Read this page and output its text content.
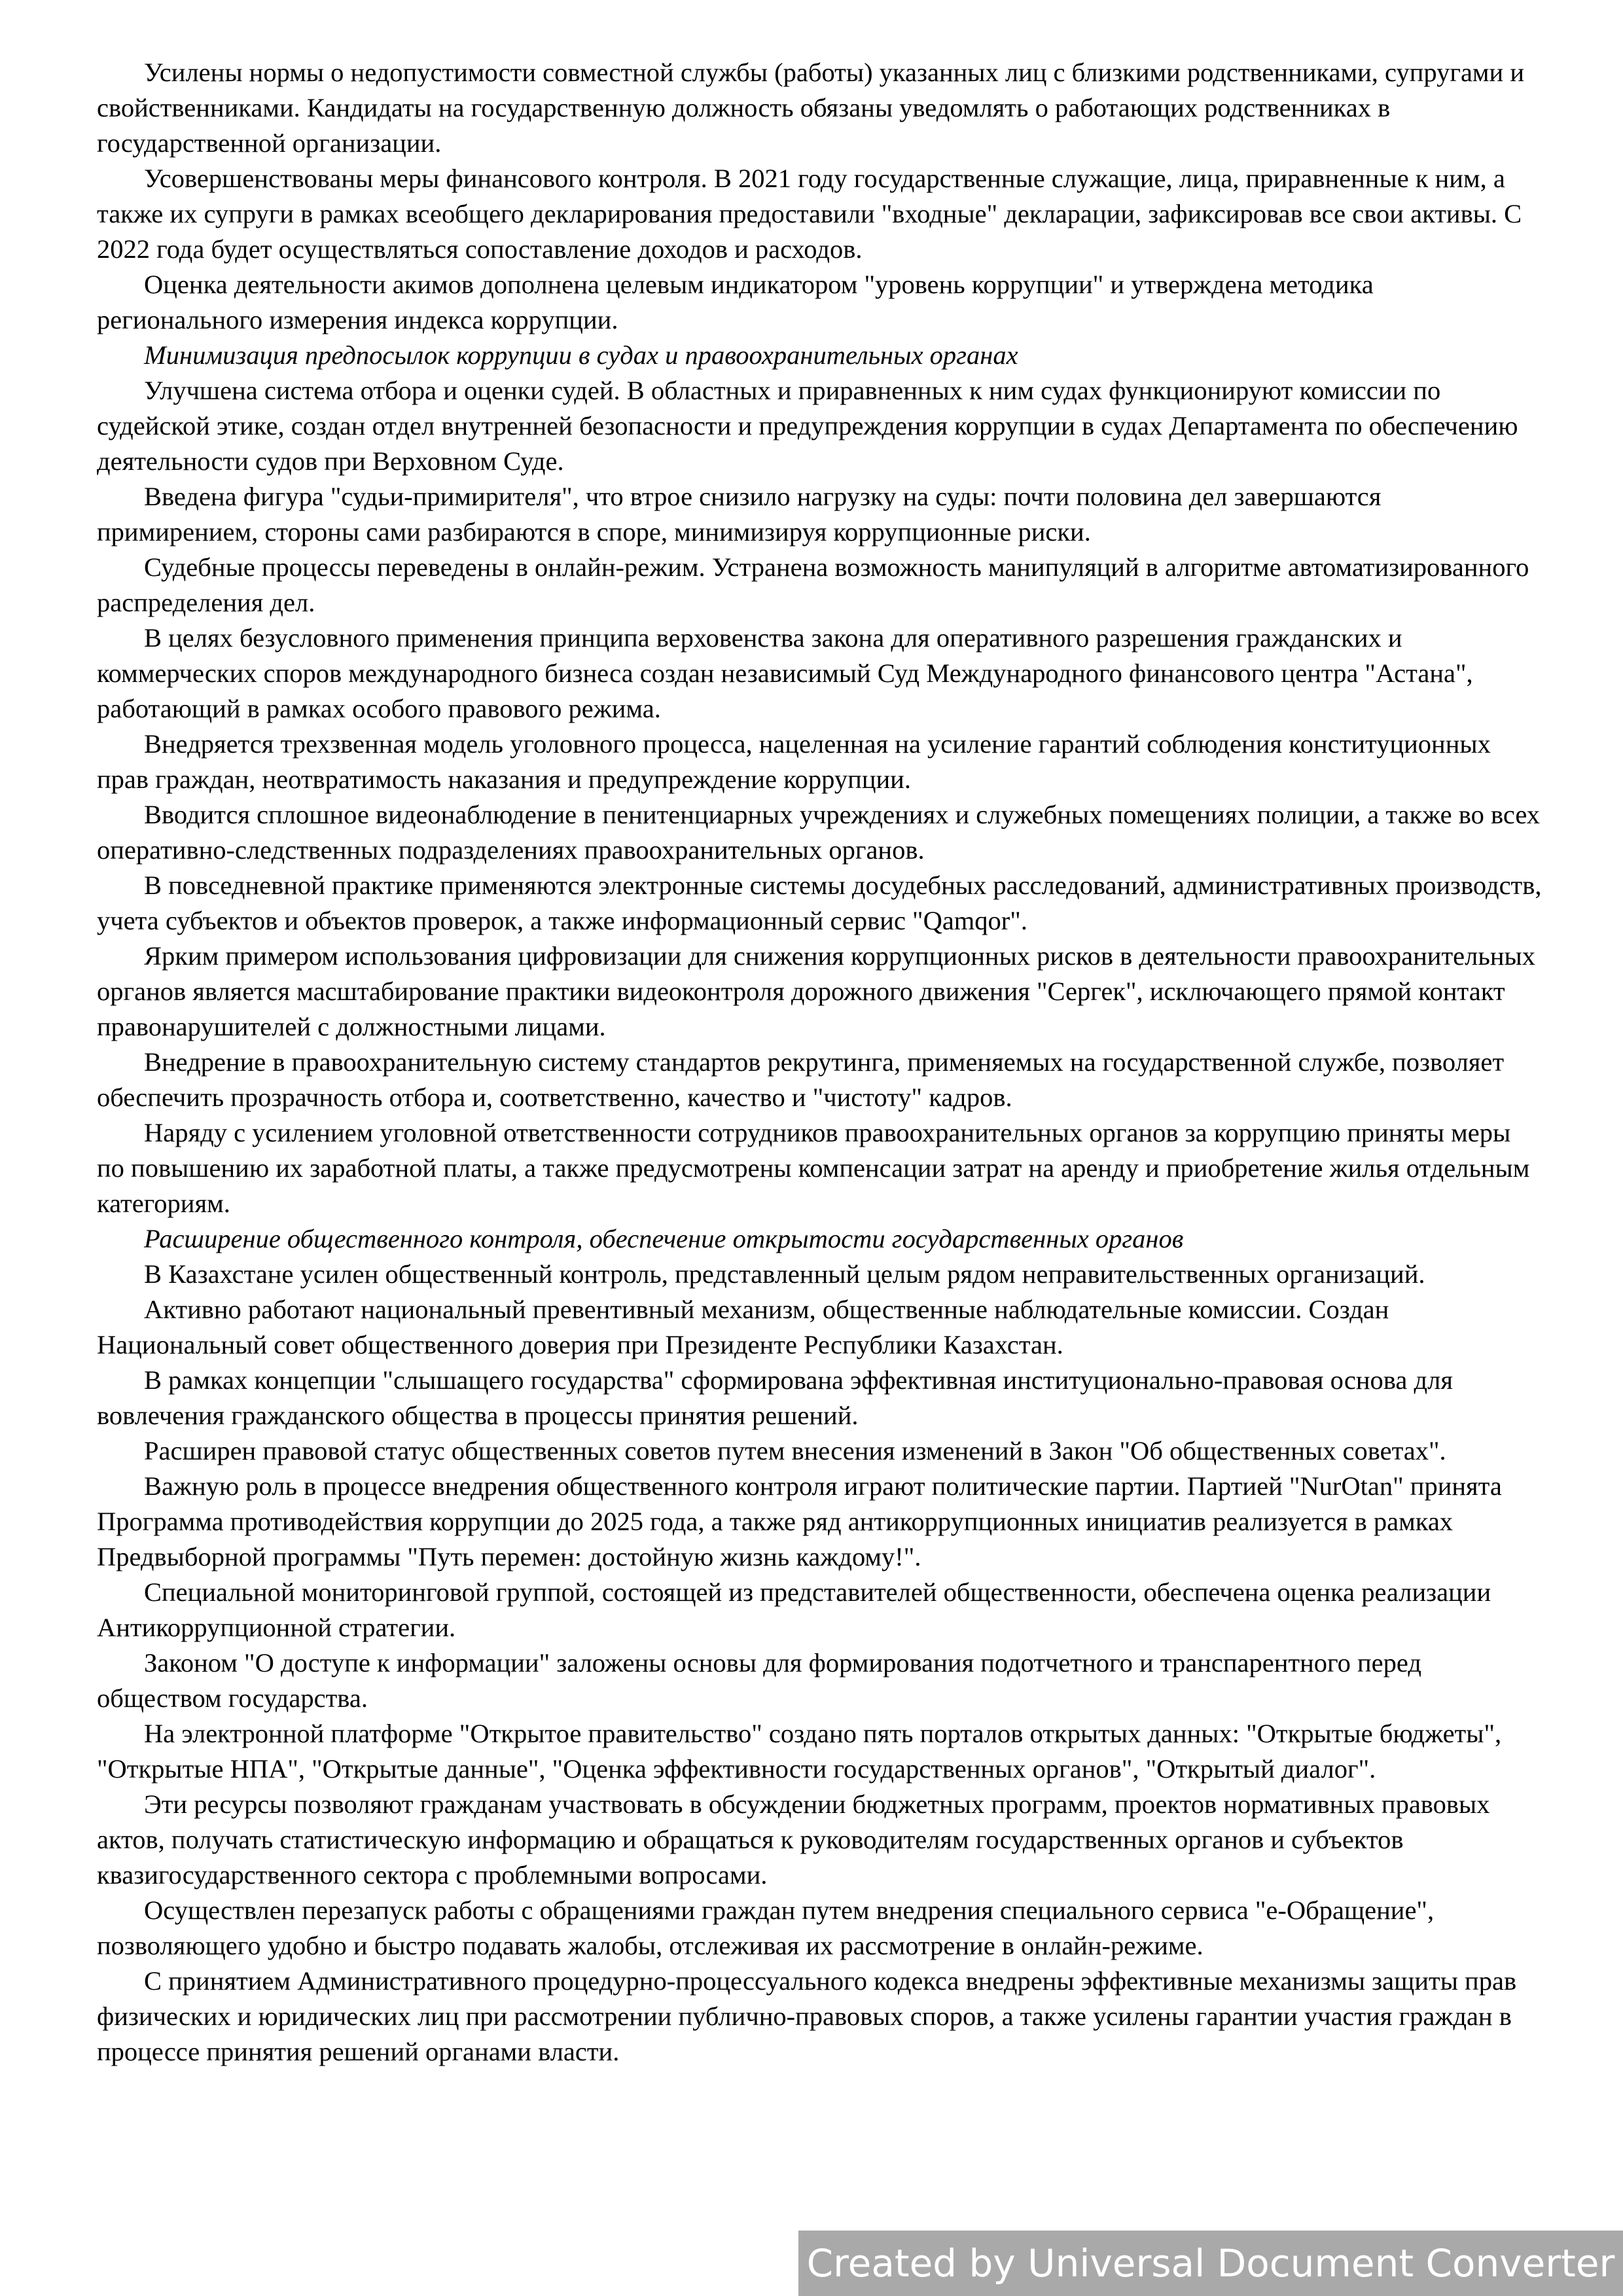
Усилены нормы о недопустимости совместной службы (работы) указанных лиц с близкими родственниками, супругами и свойственниками. Кандидаты на государственную должность обязаны уведомлять о работающих родственниках в государственной организации.

Усовершенствованы меры финансового контроля. В 2021 году государственные служащие, лица, приравненные к ним, а также их супруги в рамках всеобщего декларирования предоставили "входные" декларации, зафиксировав все свои активы. С 2022 года будет осуществляться сопоставление доходов и расходов.

Оценка деятельности акимов дополнена целевым индикатором "уровень коррупции" и утверждена методика регионального измерения индекса коррупции.

Минимизация предпосылок коррупции в судах и правоохранительных органах

Улучшена система отбора и оценки судей. В областных и приравненных к ним судах функционируют комиссии по судейской этике, создан отдел внутренней безопасности и предупреждения коррупции в судах Департамента по обеспечению деятельности судов при Верховном Суде.

Введена фигура "судьи-примирителя", что втрое снизило нагрузку на суды: почти половина дел завершаются примирением, стороны сами разбираются в споре, минимизируя коррупционные риски.

Судебные процессы переведены в онлайн-режим. Устранена возможность манипуляций в алгоритме автоматизированного распределения дел.

В целях безусловного применения принципа верховенства закона для оперативного разрешения гражданских и коммерческих споров международного бизнеса создан независимый Суд Международного финансового центра "Астана", работающий в рамках особого правового режима.

Внедряется трехзвенная модель уголовного процесса, нацеленная на усиление гарантий соблюдения конституционных прав граждан, неотвратимость наказания и предупреждение коррупции.

Вводится сплошное видеонаблюдение в пенитенциарных учреждениях и служебных помещениях полиции, а также во всех оперативно-следственных подразделениях правоохранительных органов.

В повседневной практике применяются электронные системы досудебных расследований, административных производств, учета субъектов и объектов проверок, а также информационный сервис "Qamqor".

Ярким примером использования цифровизации для снижения коррупционных рисков в деятельности правоохранительных органов является масштабирование практики видеоконтроля дорожного движения "Сергек", исключающего прямой контакт правонарушителей с должностными лицами.

Внедрение в правоохранительную систему стандартов рекрутинга, применяемых на государственной службе, позволяет обеспечить прозрачность отбора и, соответственно, качество и "чистоту" кадров.

Наряду с усилением уголовной ответственности сотрудников правоохранительных органов за коррупцию приняты меры по повышению их заработной платы, а также предусмотрены компенсации затрат на аренду и приобретение жилья отдельным категориям.

Расширение общественного контроля, обеспечение открытости государственных органов

В Казахстане усилен общественный контроль, представленный целым рядом неправительственных организаций.

Активно работают национальный превентивный механизм, общественные наблюдательные комиссии. Создан Национальный совет общественного доверия при Президенте Республики Казахстан.

В рамках концепции "слышащего государства" сформирована эффективная институционально-правовая основа для вовлечения гражданского общества в процессы принятия решений.

Расширен правовой статус общественных советов путем внесения изменений в Закон "Об общественных советах".

Важную роль в процессе внедрения общественного контроля играют политические партии. Партией "NurOtan" принята Программа противодействия коррупции до 2025 года, а также ряд антикоррупционных инициатив реализуется в рамках Предвыборной программы "Путь перемен: достойную жизнь каждому!".

Специальной мониторинговой группой, состоящей из представителей общественности, обеспечена оценка реализации Антикоррупционной стратегии.

Законом "О доступе к информации" заложены основы для формирования подотчетного и транспарентного перед обществом государства.

На электронной платформе "Открытое правительство" создано пять порталов открытых данных: "Открытые бюджеты", "Открытые НПА", "Открытые данные", "Оценка эффективности государственных органов", "Открытый диалог".

Эти ресурсы позволяют гражданам участвовать в обсуждении бюджетных программ, проектов нормативных правовых актов, получать статистическую информацию и обращаться к руководителям государственных органов и субъектов квазигосударственного сектора с проблемными вопросами.

Осуществлен перезапуск работы с обращениями граждан путем внедрения специального сервиса "е-Обращение", позволяющего удобно и быстро подавать жалобы, отслеживая их рассмотрение в онлайн-режиме.

С принятием Административного процедурно-процессуального кодекса внедрены эффективные механизмы защиты прав физических и юридических лиц при рассмотрении публично-правовых споров, а также усилены гарантии участия граждан в процессе принятия решений органами власти.

Created by Universal Document Converter
